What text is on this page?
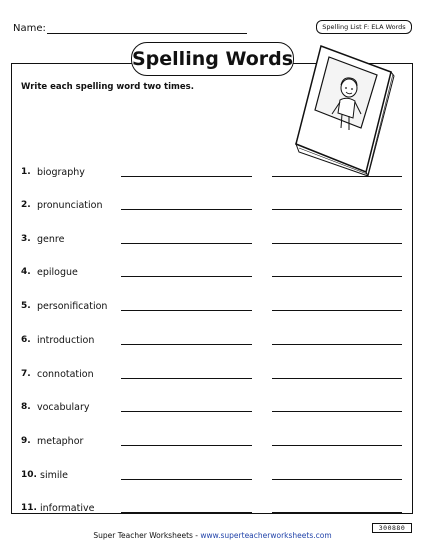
Name:	Spelling List F: ELA Words
Spelling Words
Write each spelling word two times.
1. biography
2. pronunciation
3. genre
4. epilogue
5. personification
6. introduction
7. connotation
8. vocabulary
9. metaphor
10. simile
11. informative
Super Teacher Worksheets - www.superteacherworksheets.com
300880
